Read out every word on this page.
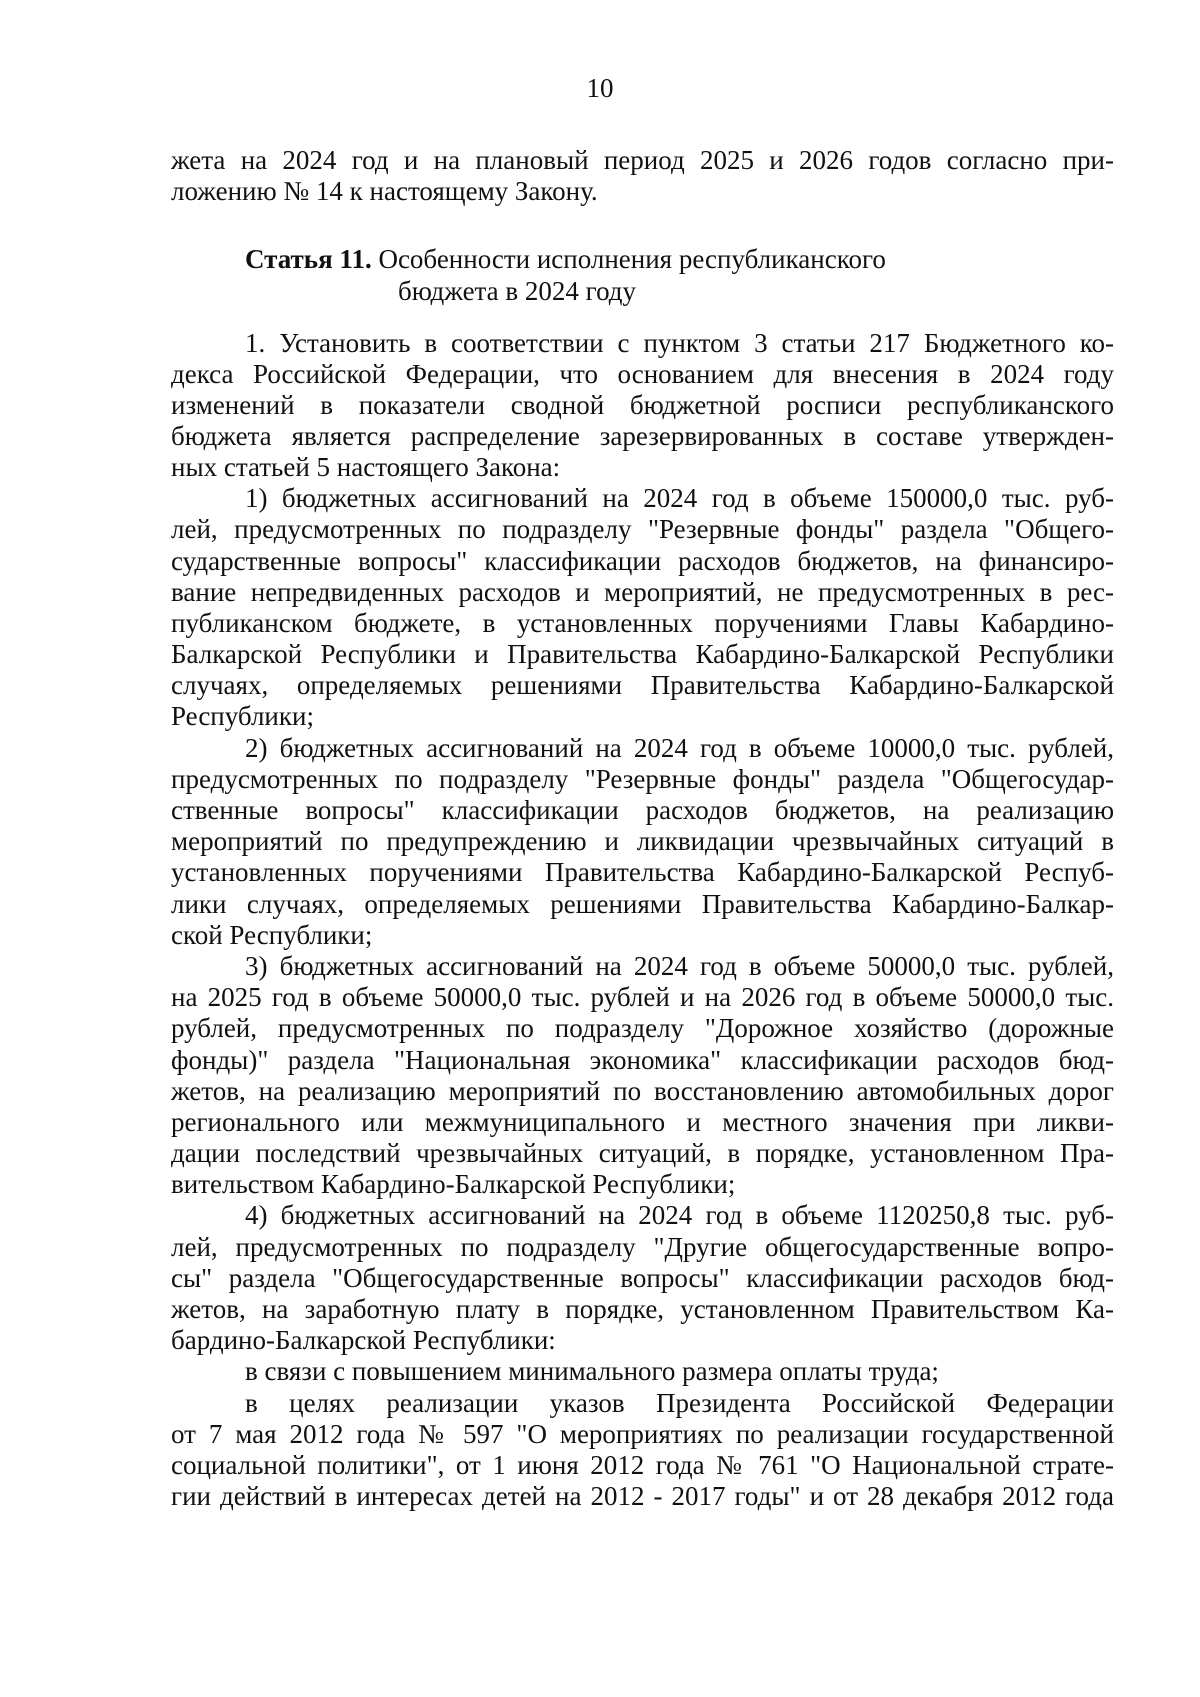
10
жета на 2024 год и на плановый период 2025 и 2026 годов согласно при-
ложению № 14 к настоящему Закону.
Статья 11. Особенности исполнения республиканского
бюджета в 2024 году
1. Установить в соответствии с пунктом 3 статьи 217 Бюджетного ко-
декса Российской Федерации, что основанием для внесения в 2024 году
изменений в показатели сводной бюджетной росписи республиканского
бюджета является распределение зарезервированных в составе утвержден-
ных статьей 5 настоящего Закона:
1) бюджетных ассигнований на 2024 год в объеме 150000,0 тыс. руб-
лей, предусмотренных по подразделу "Резервные фонды" раздела "Общего-
сударственные вопросы" классификации расходов бюджетов, на финансиро-
вание непредвиденных расходов и мероприятий, не предусмотренных в рес-
публиканском бюджете, в установленных поручениями Главы Кабардино-
Балкарской Республики и Правительства Кабардино-Балкарской Республики
случаях, определяемых решениями Правительства Кабардино-Балкарской
Республики;
2) бюджетных ассигнований на 2024 год в объеме 10000,0 тыс. рублей,
предусмотренных по подразделу "Резервные фонды" раздела "Общегосудар-
ственные вопросы" классификации расходов бюджетов, на реализацию
мероприятий по предупреждению и ликвидации чрезвычайных ситуаций в
установленных поручениями Правительства Кабардино-Балкарской Респуб-
лики случаях, определяемых решениями Правительства Кабардино-Балкар-
ской Республики;
3) бюджетных ассигнований на 2024 год в объеме 50000,0 тыс. рублей,
на 2025 год в объеме 50000,0 тыс. рублей и на 2026 год в объеме 50000,0 тыс.
рублей, предусмотренных по подразделу "Дорожное хозяйство (дорожные
фонды)" раздела "Национальная экономика" классификации расходов бюд-
жетов, на реализацию мероприятий по восстановлению автомобильных дорог
регионального или межмуниципального и местного значения при ликви-
дации последствий чрезвычайных ситуаций, в порядке, установленном Пра-
вительством Кабардино-Балкарской Республики;
4) бюджетных ассигнований на 2024 год в объеме 1120250,8 тыс. руб-
лей, предусмотренных по подразделу "Другие общегосударственные вопро-
сы" раздела "Общегосударственные вопросы" классификации расходов бюд-
жетов, на заработную плату в порядке, установленном Правительством Ка-
бардино-Балкарской Республики:
в связи с повышением минимального размера оплаты труда;
в целях реализации указов Президента Российской Федерации
от 7 мая 2012 года № 597 "О мероприятиях по реализации государственной
социальной политики", от 1 июня 2012 года № 761 "О Национальной страте-
гии действий в интересах детей на 2012 - 2017 годы" и от 28 декабря 2012 года
